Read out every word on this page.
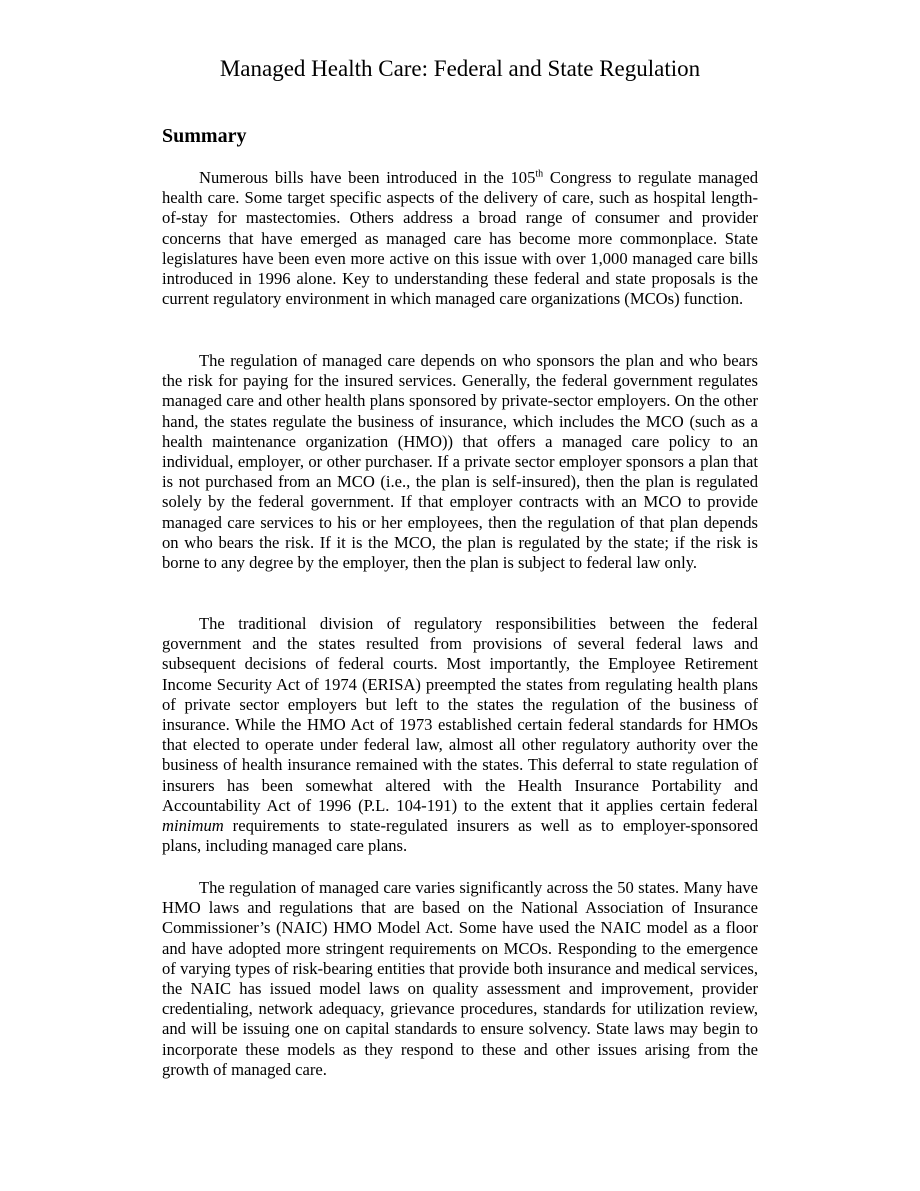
Managed Health Care: Federal and State Regulation
Summary

Numerous bills have been introduced in the 105th Congress to regulate managed health care. Some target specific aspects of the delivery of care, such as hospital length-of-stay for mastectomies. Others address a broad range of consumer and provider concerns that have emerged as managed care has become more commonplace. State legislatures have been even more active on this issue with over 1,000 managed care bills introduced in 1996 alone. Key to understanding these federal and state proposals is the current regulatory environment in which managed care organizations (MCOs) function.

The regulation of managed care depends on who sponsors the plan and who bears the risk for paying for the insured services. Generally, the federal government regulates managed care and other health plans sponsored by private-sector employers. On the other hand, the states regulate the business of insurance, which includes the MCO (such as a health maintenance organization (HMO)) that offers a managed care policy to an individual, employer, or other purchaser. If a private sector employer sponsors a plan that is not purchased from an MCO (i.e., the plan is self-insured), then the plan is regulated solely by the federal government. If that employer contracts with an MCO to provide managed care services to his or her employees, then the regulation of that plan depends on who bears the risk. If it is the MCO, the plan is regulated by the state; if the risk is borne to any degree by the employer, then the plan is subject to federal law only.

The traditional division of regulatory responsibilities between the federal government and the states resulted from provisions of several federal laws and subsequent decisions of federal courts. Most importantly, the Employee Retirement Income Security Act of 1974 (ERISA) preempted the states from regulating health plans of private sector employers but left to the states the regulation of the business of insurance. While the HMO Act of 1973 established certain federal standards for HMOs that elected to operate under federal law, almost all other regulatory authority over the business of health insurance remained with the states. This deferral to state regulation of insurers has been somewhat altered with the Health Insurance Portability and Accountability Act of 1996 (P.L. 104-191) to the extent that it applies certain federal minimum requirements to state-regulated insurers as well as to employer-sponsored plans, including managed care plans.

The regulation of managed care varies significantly across the 50 states. Many have HMO laws and regulations that are based on the National Association of Insurance Commissioner’s (NAIC) HMO Model Act. Some have used the NAIC model as a floor and have adopted more stringent requirements on MCOs. Responding to the emergence of varying types of risk-bearing entities that provide both insurance and medical services, the NAIC has issued model laws on quality assessment and improvement, provider credentialing, network adequacy, grievance procedures, standards for utilization review, and will be issuing one on capital standards to ensure solvency. State laws may begin to incorporate these models as they respond to these and other issues arising from the growth of managed care.
